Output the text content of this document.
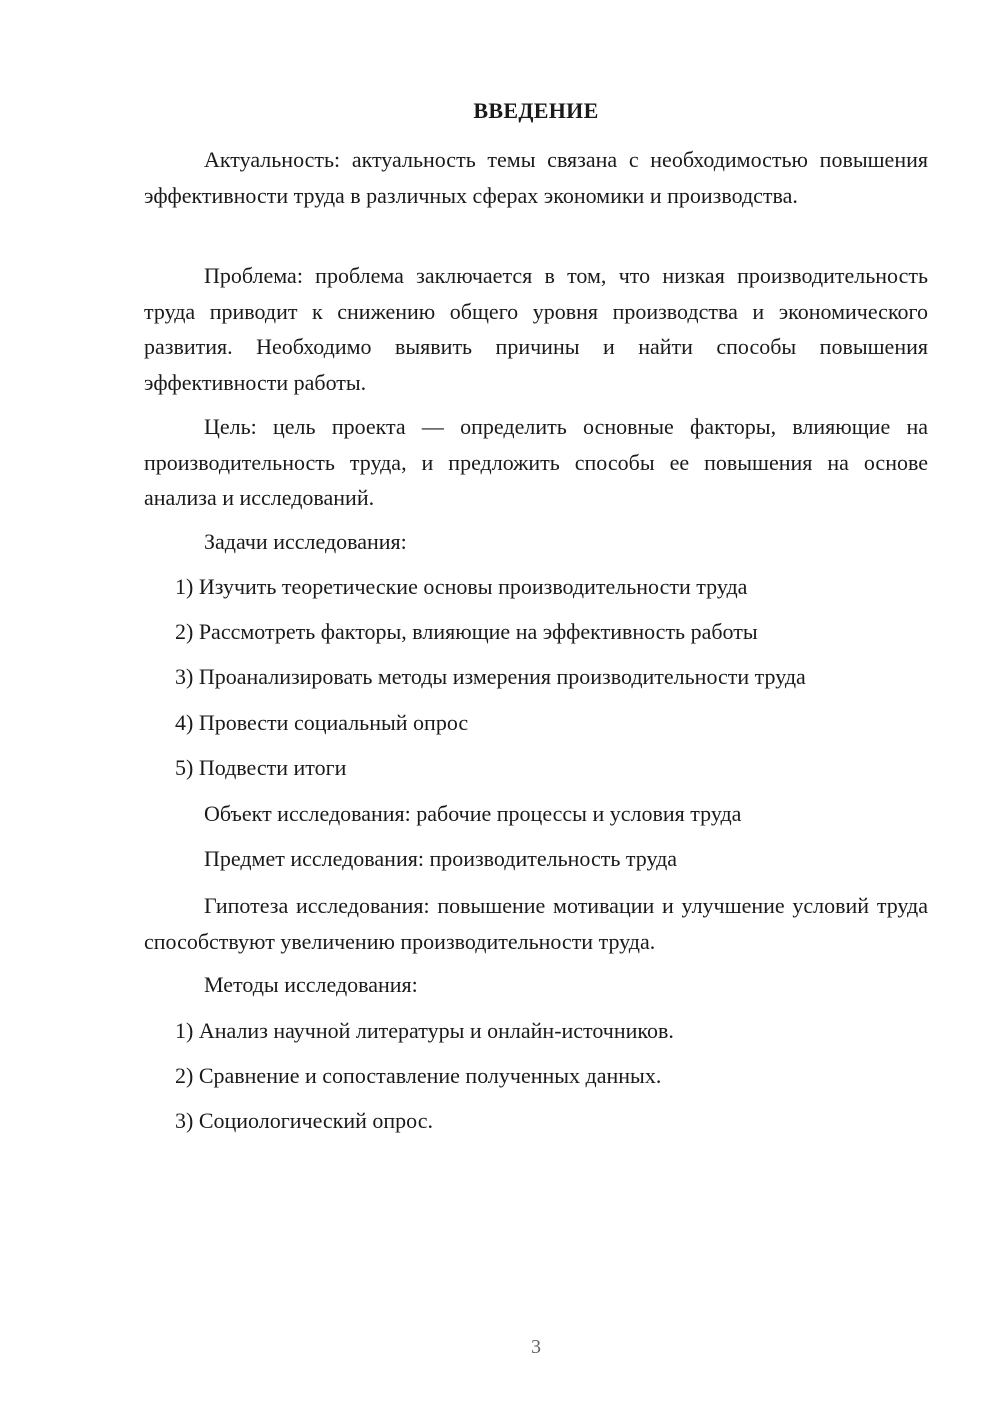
ВВЕДЕНИЕ

Актуальность: актуальность темы связана с необходимостью повышения эффективности труда в различных сферах экономики и производства.

Проблема: проблема заключается в том, что низкая производительность труда приводит к снижению общего уровня производства и экономического развития. Необходимо выявить причины и найти способы повышения эффективности работы.

Цель: цель проекта — определить основные факторы, влияющие на производительность труда, и предложить способы ее повышения на основе анализа и исследований.

Задачи исследования:

1) Изучить теоретические основы производительности труда

2) Рассмотреть факторы, влияющие на эффективность работы

3) Проанализировать методы измерения производительности труда

4) Провести социальный опрос

5) Подвести итоги

Объект исследования: рабочие процессы и условия труда

Предмет исследования: производительность труда

Гипотеза исследования: повышение мотивации и улучшение условий труда способствуют увеличению производительности труда.

Методы исследования:

1) Анализ научной литературы и онлайн-источников.

2) Сравнение и сопоставление полученных данных.

3) Социологический опрос.

3
